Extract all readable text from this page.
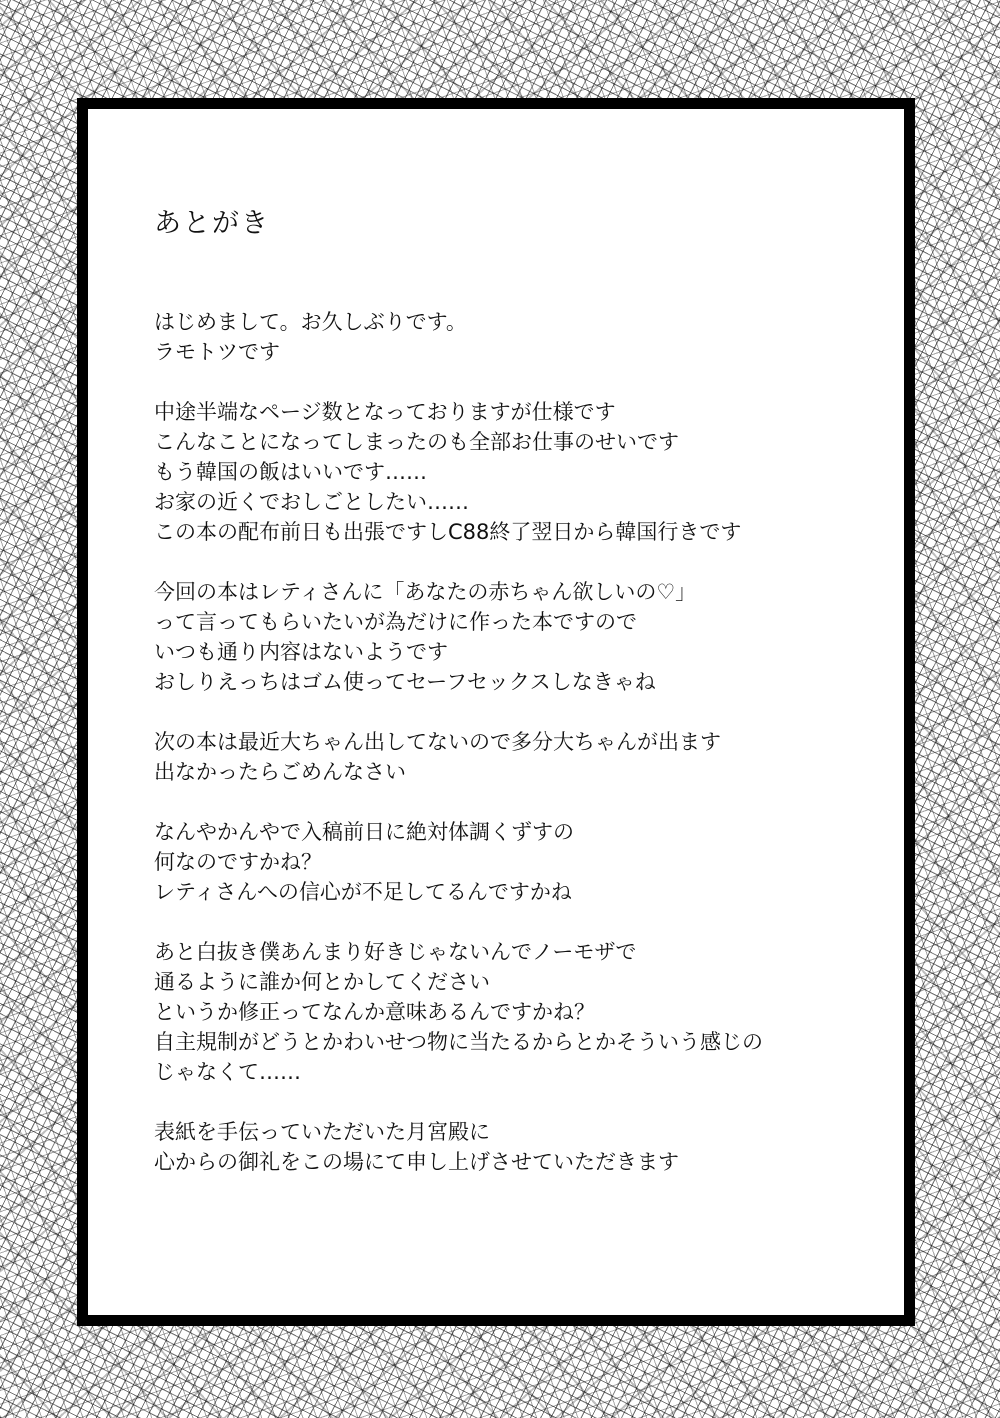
あとがき

はじめまして。お久しぶりです。
ラモトツです

中途半端なページ数となっておりますが仕様です
こんなことになってしまったのも全部お仕事のせいです
もう韓国の飯はいいです……
お家の近くでおしごとしたい……
この本の配布前日も出張ですしC88終了翌日から韓国行きです

今回の本はレティさんに「あなたの赤ちゃん欲しいの♡」
って言ってもらいたいが為だけに作った本ですので
いつも通り内容はないようです
おしりえっちはゴム使ってセーフセックスしなきゃね

次の本は最近大ちゃん出してないので多分大ちゃんが出ます
出なかったらごめんなさい

なんやかんやで入稿前日に絶対体調くずすの
何なのですかね？
レティさんへの信心が不足してるんですかね

あと白抜き僕あんまり好きじゃないんでノーモザで
通るように誰か何とかしてください
というか修正ってなんか意味あるんですかね？
自主規制がどうとかわいせつ物に当たるからとかそういう感じの
じゃなくて……

表紙を手伝っていただいた月宮殿に
心からの御礼をこの場にて申し上げさせていただきます
